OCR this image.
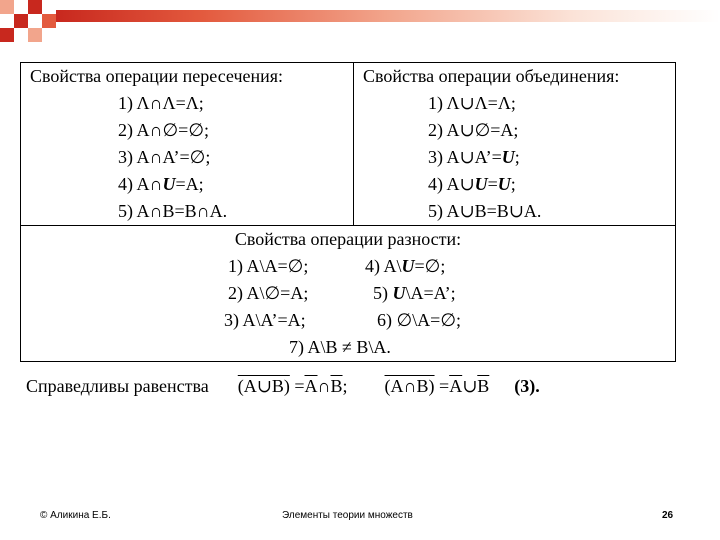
Свойства операции пересечения:
1) Λ∩Λ=Λ;
2) A∩∅=∅;
3) A∩A’=∅;
4) A∩U=A;
5) A∩B=B∩A.

Свойства операции объединения:
1) Λ∪Λ=Λ;
2) A∪∅=A;
3) A∪A’=U;
4) A∪U=U;
5) A∪B=B∪A.

Свойства операции разности:
1) A\A=∅;	4) A\U=∅;
2) A\∅=A;	5) U\A=A’;
3) A\A’=A;	6) ∅\A=∅;
7) A\B ≠ B\A.
Справедливы равенства (A∪B) $=\overline{A}\cap\overline{B}$; (A∩B) $=\overline{A}\cup\overline{B}$ (3).
© Аликина Е.Б.	Элементы теории множеств	26
